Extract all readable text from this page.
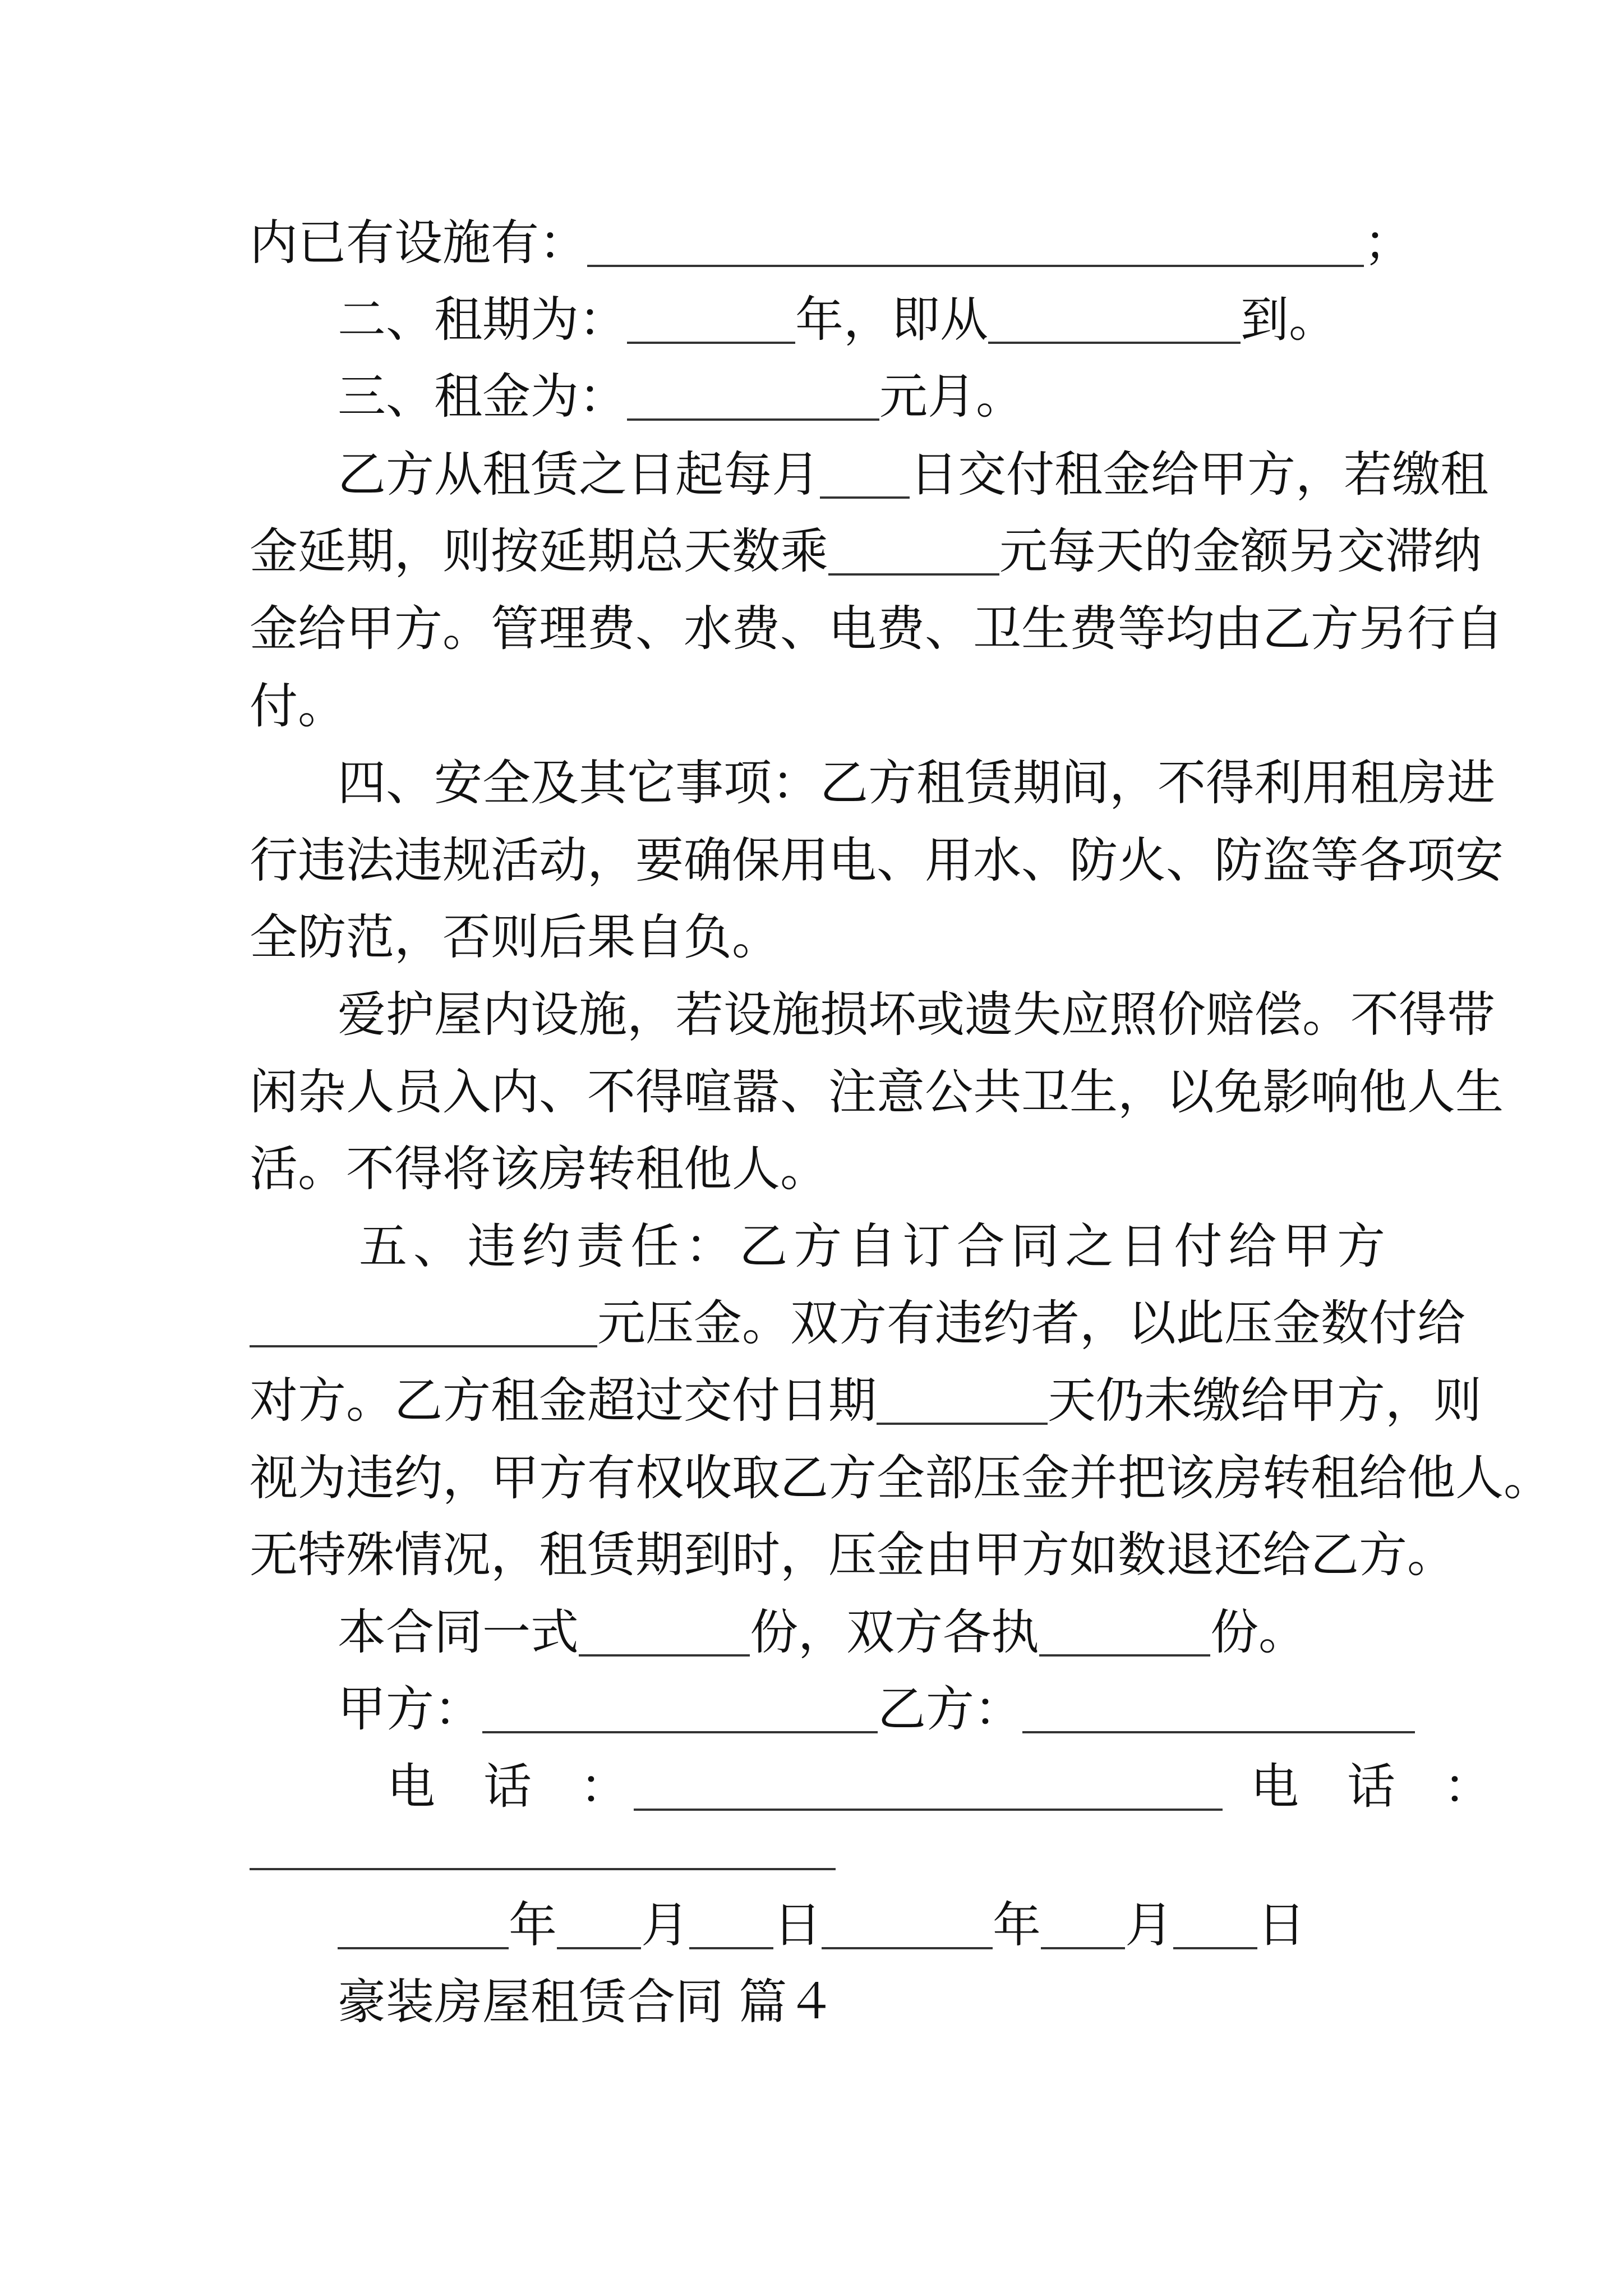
内已有设施有：	；
二、租期为：	年，即从	到。
三、租金为：	元月。
乙方从租赁之日起每月 日交付租金给甲方，若缴租
金延期，则按延期总天数乘	元每天的金额另交滞纳
金给甲方。管理费、水费、电费、卫生费等均由乙方另行自
付。
四、安全及其它事项：乙方租赁期间，不得利用租房进
行违法违规活动，要确保用电、用水、防火、防盗等各项安
全防范，否则后果自负。
爱护屋内设施，若设施损坏或遗失应照价赔偿。不得带
闲杂人员入内、不得喧嚣、注意公共卫生，以免影响他人生
活。不得将该房转租他人。
五、违约责任：乙方自订合同之日付给甲方
元压金。双方有违约者，以此压金数付给
对方。乙方租金超过交付日期	天仍未缴给甲方，则
视为违约，甲方有权收取乙方全部压金并把该房转租给他人。
无特殊情况，租赁期到时，压金由甲方如数退还给乙方。
本合同一式	份，双方各执	份。
甲方：	乙方：
电　话　：	电　话　：
年 月 日	年 月 日
豪装房屋租赁合同 篇４
